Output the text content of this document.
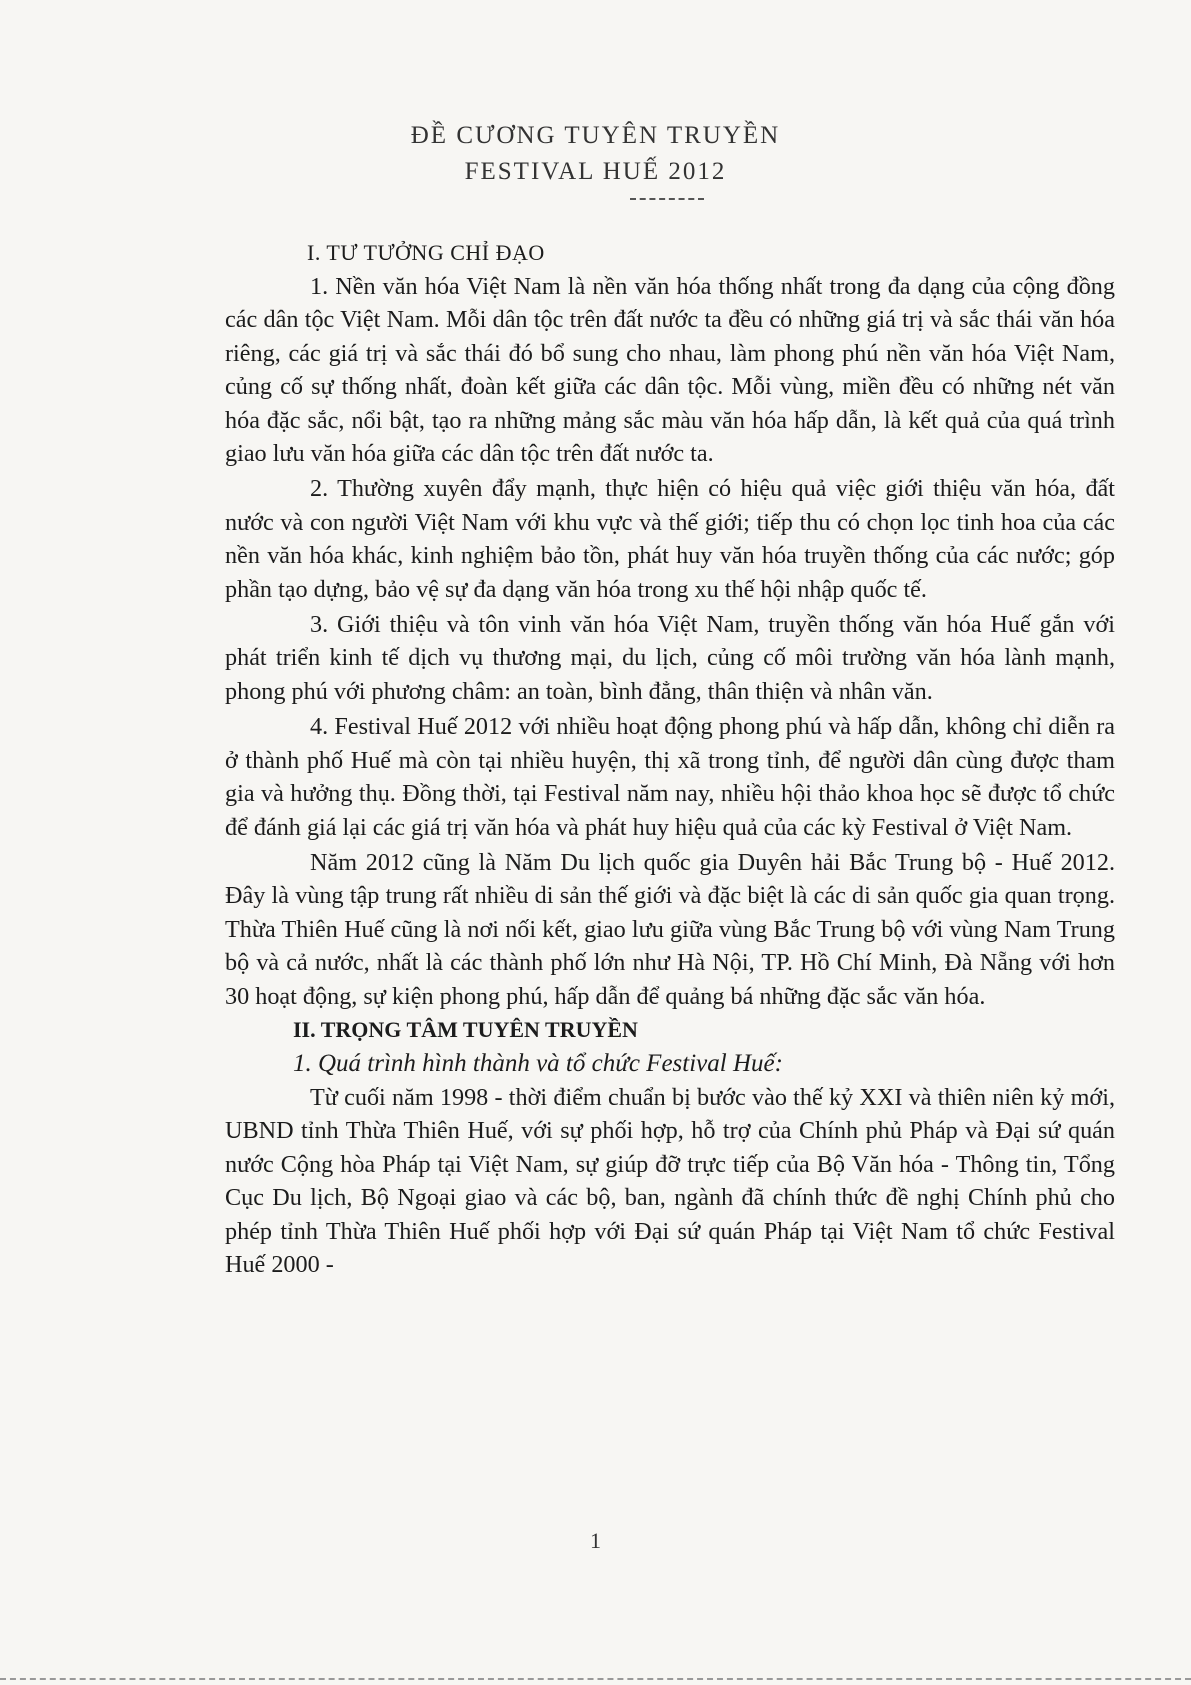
ĐỀ CƯƠNG TUYÊN TRUYỀN
FESTIVAL HUẾ 2012
I. TƯ TƯỞNG CHỈ ĐẠO

1. Nền văn hóa Việt Nam là nền văn hóa thống nhất trong đa dạng của cộng đồng các dân tộc Việt Nam. Mỗi dân tộc trên đất nước ta đều có những giá trị và sắc thái văn hóa riêng, các giá trị và sắc thái đó bổ sung cho nhau, làm phong phú nền văn hóa Việt Nam, củng cố sự thống nhất, đoàn kết giữa các dân tộc. Mỗi vùng, miền đều có những nét văn hóa đặc sắc, nổi bật, tạo ra những mảng sắc màu văn hóa hấp dẫn, là kết quả của quá trình giao lưu văn hóa giữa các dân tộc trên đất nước ta.

2. Thường xuyên đẩy mạnh, thực hiện có hiệu quả việc giới thiệu văn hóa, đất nước và con người Việt Nam với khu vực và thế giới; tiếp thu có chọn lọc tinh hoa của các nền văn hóa khác, kinh nghiệm bảo tồn, phát huy văn hóa truyền thống của các nước; góp phần tạo dựng, bảo vệ sự đa dạng văn hóa trong xu thế hội nhập quốc tế.

3. Giới thiệu và tôn vinh văn hóa Việt Nam, truyền thống văn hóa Huế gắn với phát triển kinh tế dịch vụ thương mại, du lịch, củng cố môi trường văn hóa lành mạnh, phong phú với phương châm: an toàn, bình đẳng, thân thiện và nhân văn.

4. Festival Huế 2012 với nhiều hoạt động phong phú và hấp dẫn, không chỉ diễn ra ở thành phố Huế mà còn tại nhiều huyện, thị xã trong tỉnh, để người dân cùng được tham gia và hưởng thụ. Đồng thời, tại Festival năm nay, nhiều hội thảo khoa học sẽ được tổ chức để đánh giá lại các giá trị văn hóa và phát huy hiệu quả của các kỳ Festival ở Việt Nam.

Năm 2012 cũng là Năm Du lịch quốc gia Duyên hải Bắc Trung bộ - Huế 2012. Đây là vùng tập trung rất nhiều di sản thế giới và đặc biệt là các di sản quốc gia quan trọng. Thừa Thiên Huế cũng là nơi nối kết, giao lưu giữa vùng Bắc Trung bộ với vùng Nam Trung bộ và cả nước, nhất là các thành phố lớn như Hà Nội, TP. Hồ Chí Minh, Đà Nẵng với hơn 30 hoạt động, sự kiện phong phú, hấp dẫn để quảng bá những đặc sắc văn hóa.

II. TRỌNG TÂM TUYÊN TRUYỀN
1. Quá trình hình thành và tổ chức Festival Huế:

Từ cuối năm 1998 - thời điểm chuẩn bị bước vào thế kỷ XXI và thiên niên kỷ mới, UBND tỉnh Thừa Thiên Huế, với sự phối hợp, hỗ trợ của Chính phủ Pháp và Đại sứ quán nước Cộng hòa Pháp tại Việt Nam, sự giúp đỡ trực tiếp của Bộ Văn hóa - Thông tin, Tổng Cục Du lịch, Bộ Ngoại giao và các bộ, ban, ngành đã chính thức đề nghị Chính phủ cho phép tỉnh Thừa Thiên Huế phối hợp với Đại sứ quán Pháp tại Việt Nam tổ chức Festival Huế 2000 -

1
